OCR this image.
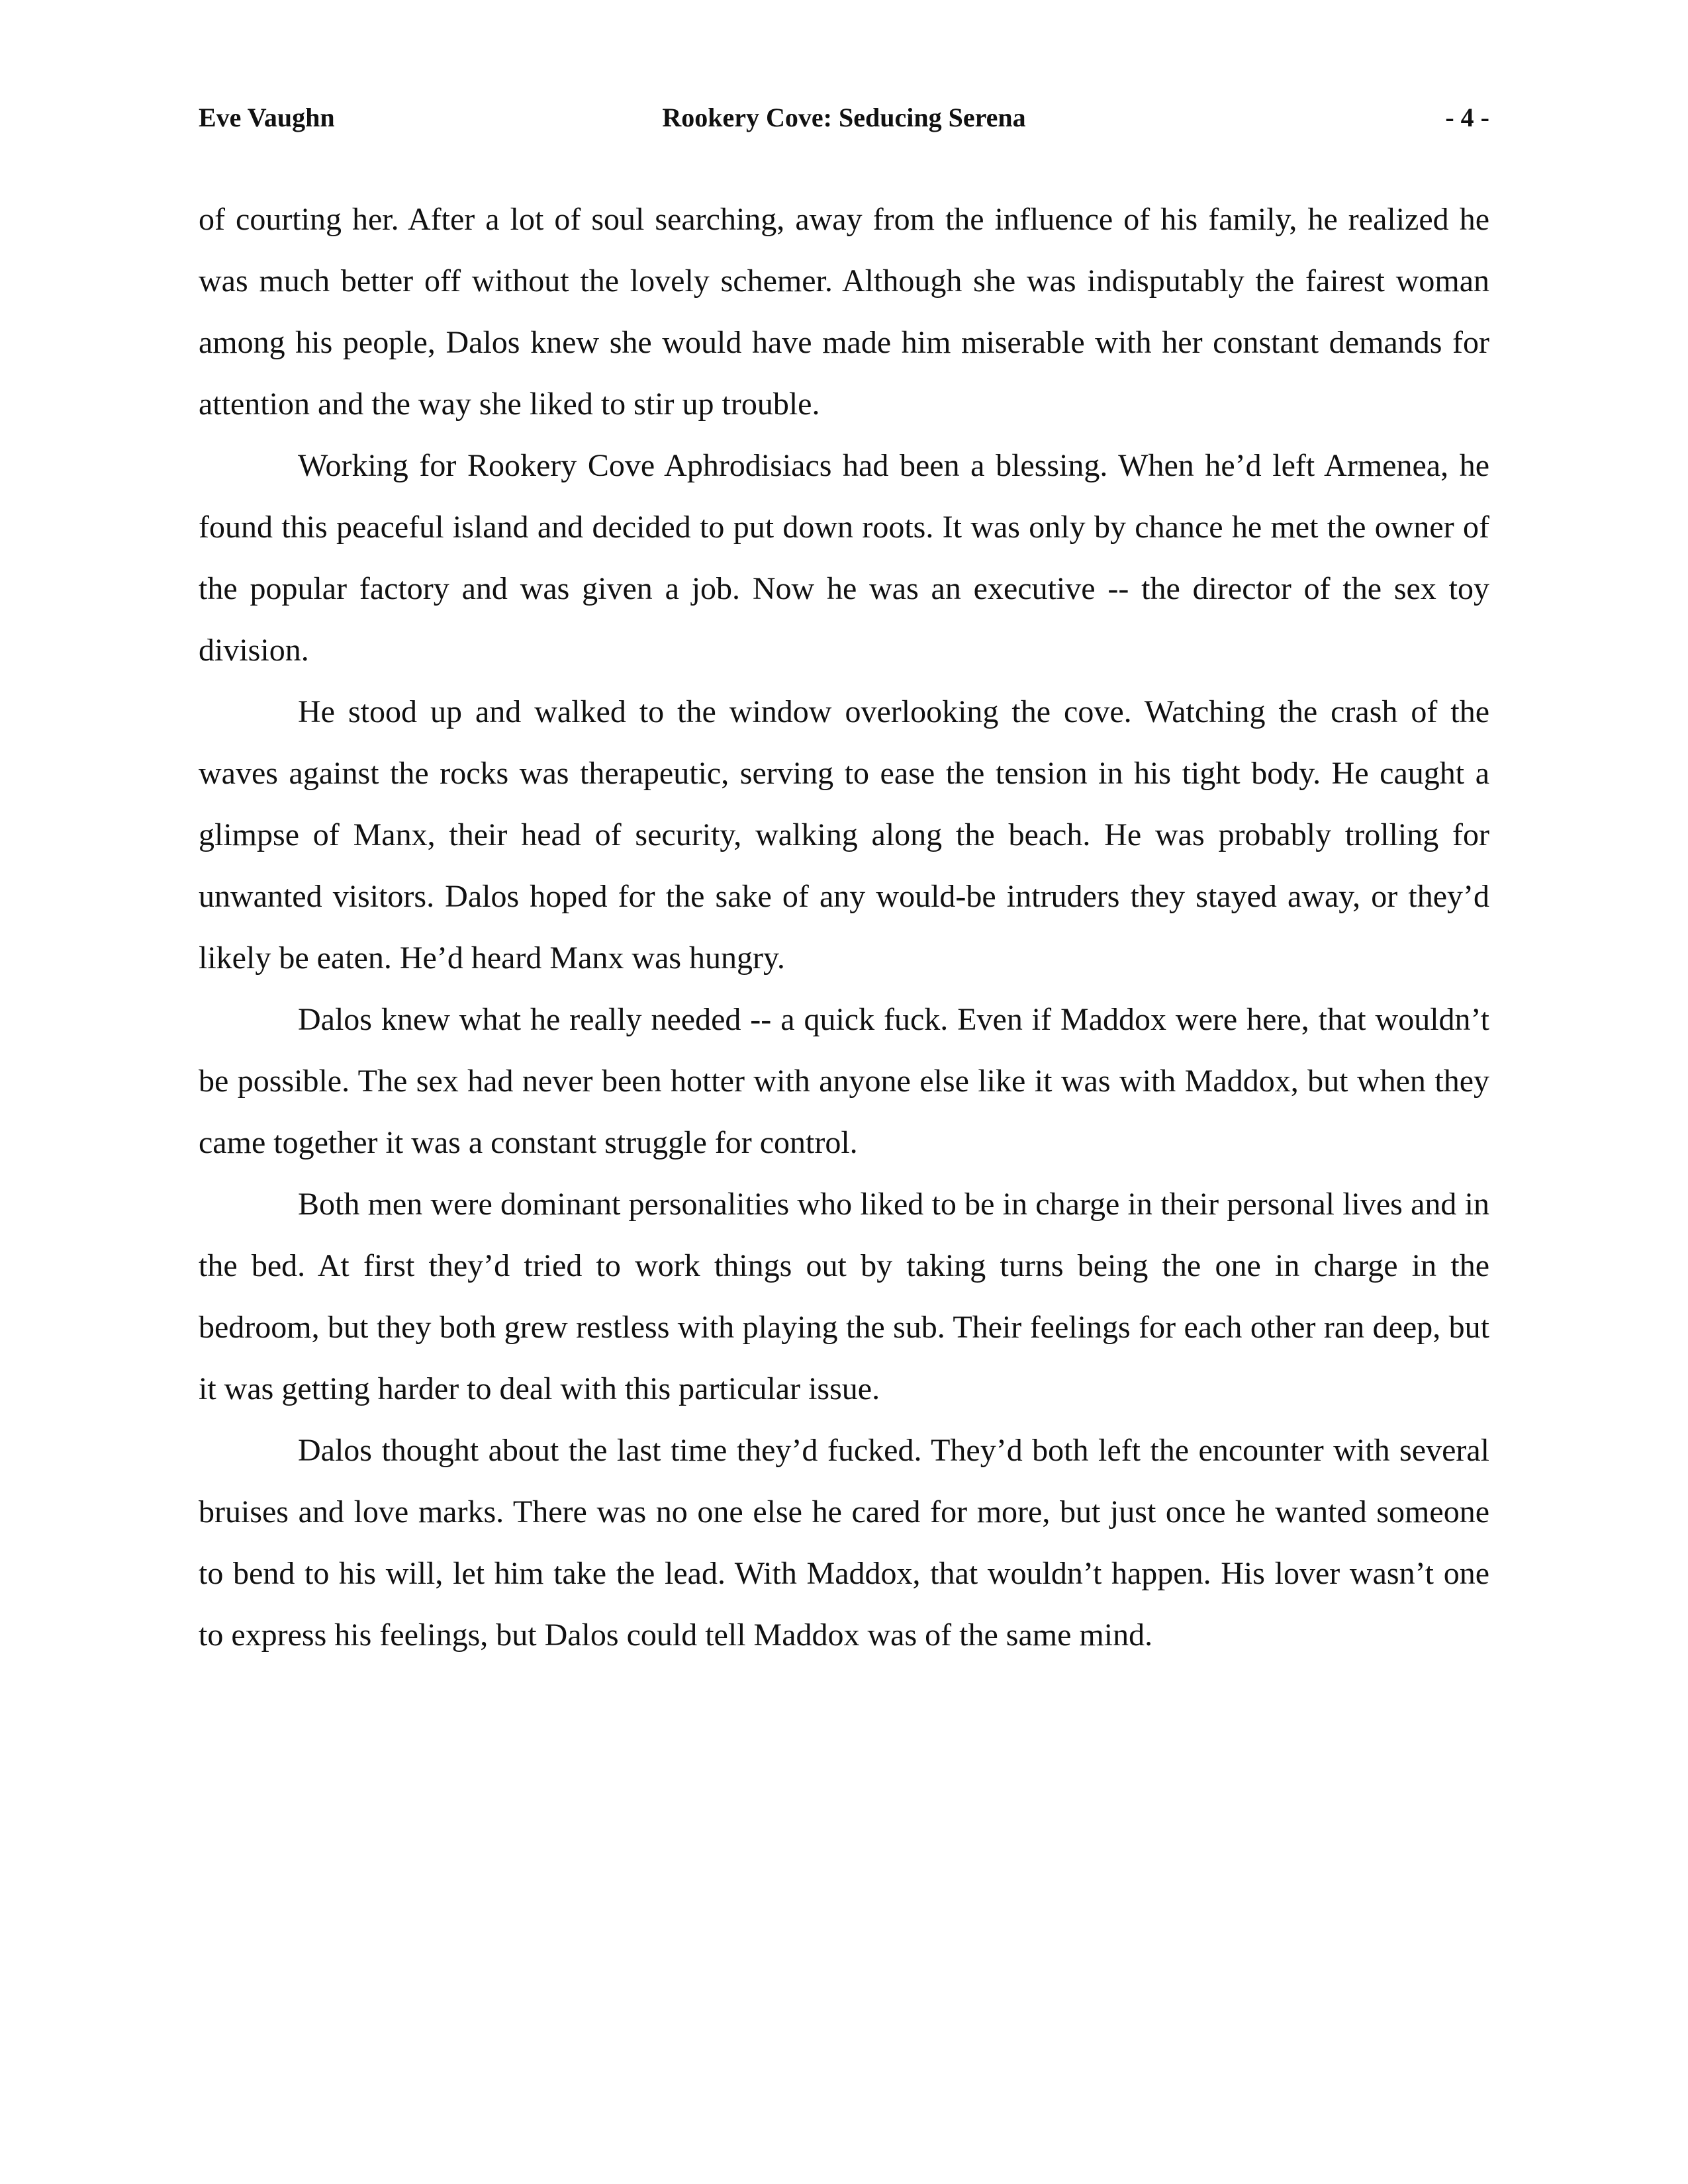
Rookery Cove: Seducing Serena
Eve Vaughn	- 4 -

of courting her. After a lot of soul searching, away from the influence of his family, he realized he was much better off without the lovely schemer. Although she was indisputably the fairest woman among his people, Dalos knew she would have made him miserable with her constant demands for attention and the way she liked to stir up trouble.

Working for Rookery Cove Aphrodisiacs had been a blessing. When he’d left Armenea, he found this peaceful island and decided to put down roots. It was only by chance he met the owner of the popular factory and was given a job. Now he was an executive -- the director of the sex toy division.

He stood up and walked to the window overlooking the cove. Watching the crash of the waves against the rocks was therapeutic, serving to ease the tension in his tight body. He caught a glimpse of Manx, their head of security, walking along the beach. He was probably trolling for unwanted visitors. Dalos hoped for the sake of any would-be intruders they stayed away, or they’d likely be eaten. He’d heard Manx was hungry.

Dalos knew what he really needed -- a quick fuck. Even if Maddox were here, that wouldn’t be possible. The sex had never been hotter with anyone else like it was with Maddox, but when they came together it was a constant struggle for control.

Both men were dominant personalities who liked to be in charge in their personal lives and in the bed. At first they’d tried to work things out by taking turns being the one in charge in the bedroom, but they both grew restless with playing the sub. Their feelings for each other ran deep, but it was getting harder to deal with this particular issue.

Dalos thought about the last time they’d fucked. They’d both left the encounter with several bruises and love marks. There was no one else he cared for more, but just once he wanted someone to bend to his will, let him take the lead. With Maddox, that wouldn’t happen. His lover wasn’t one to express his feelings, but Dalos could tell Maddox was of the same mind.
